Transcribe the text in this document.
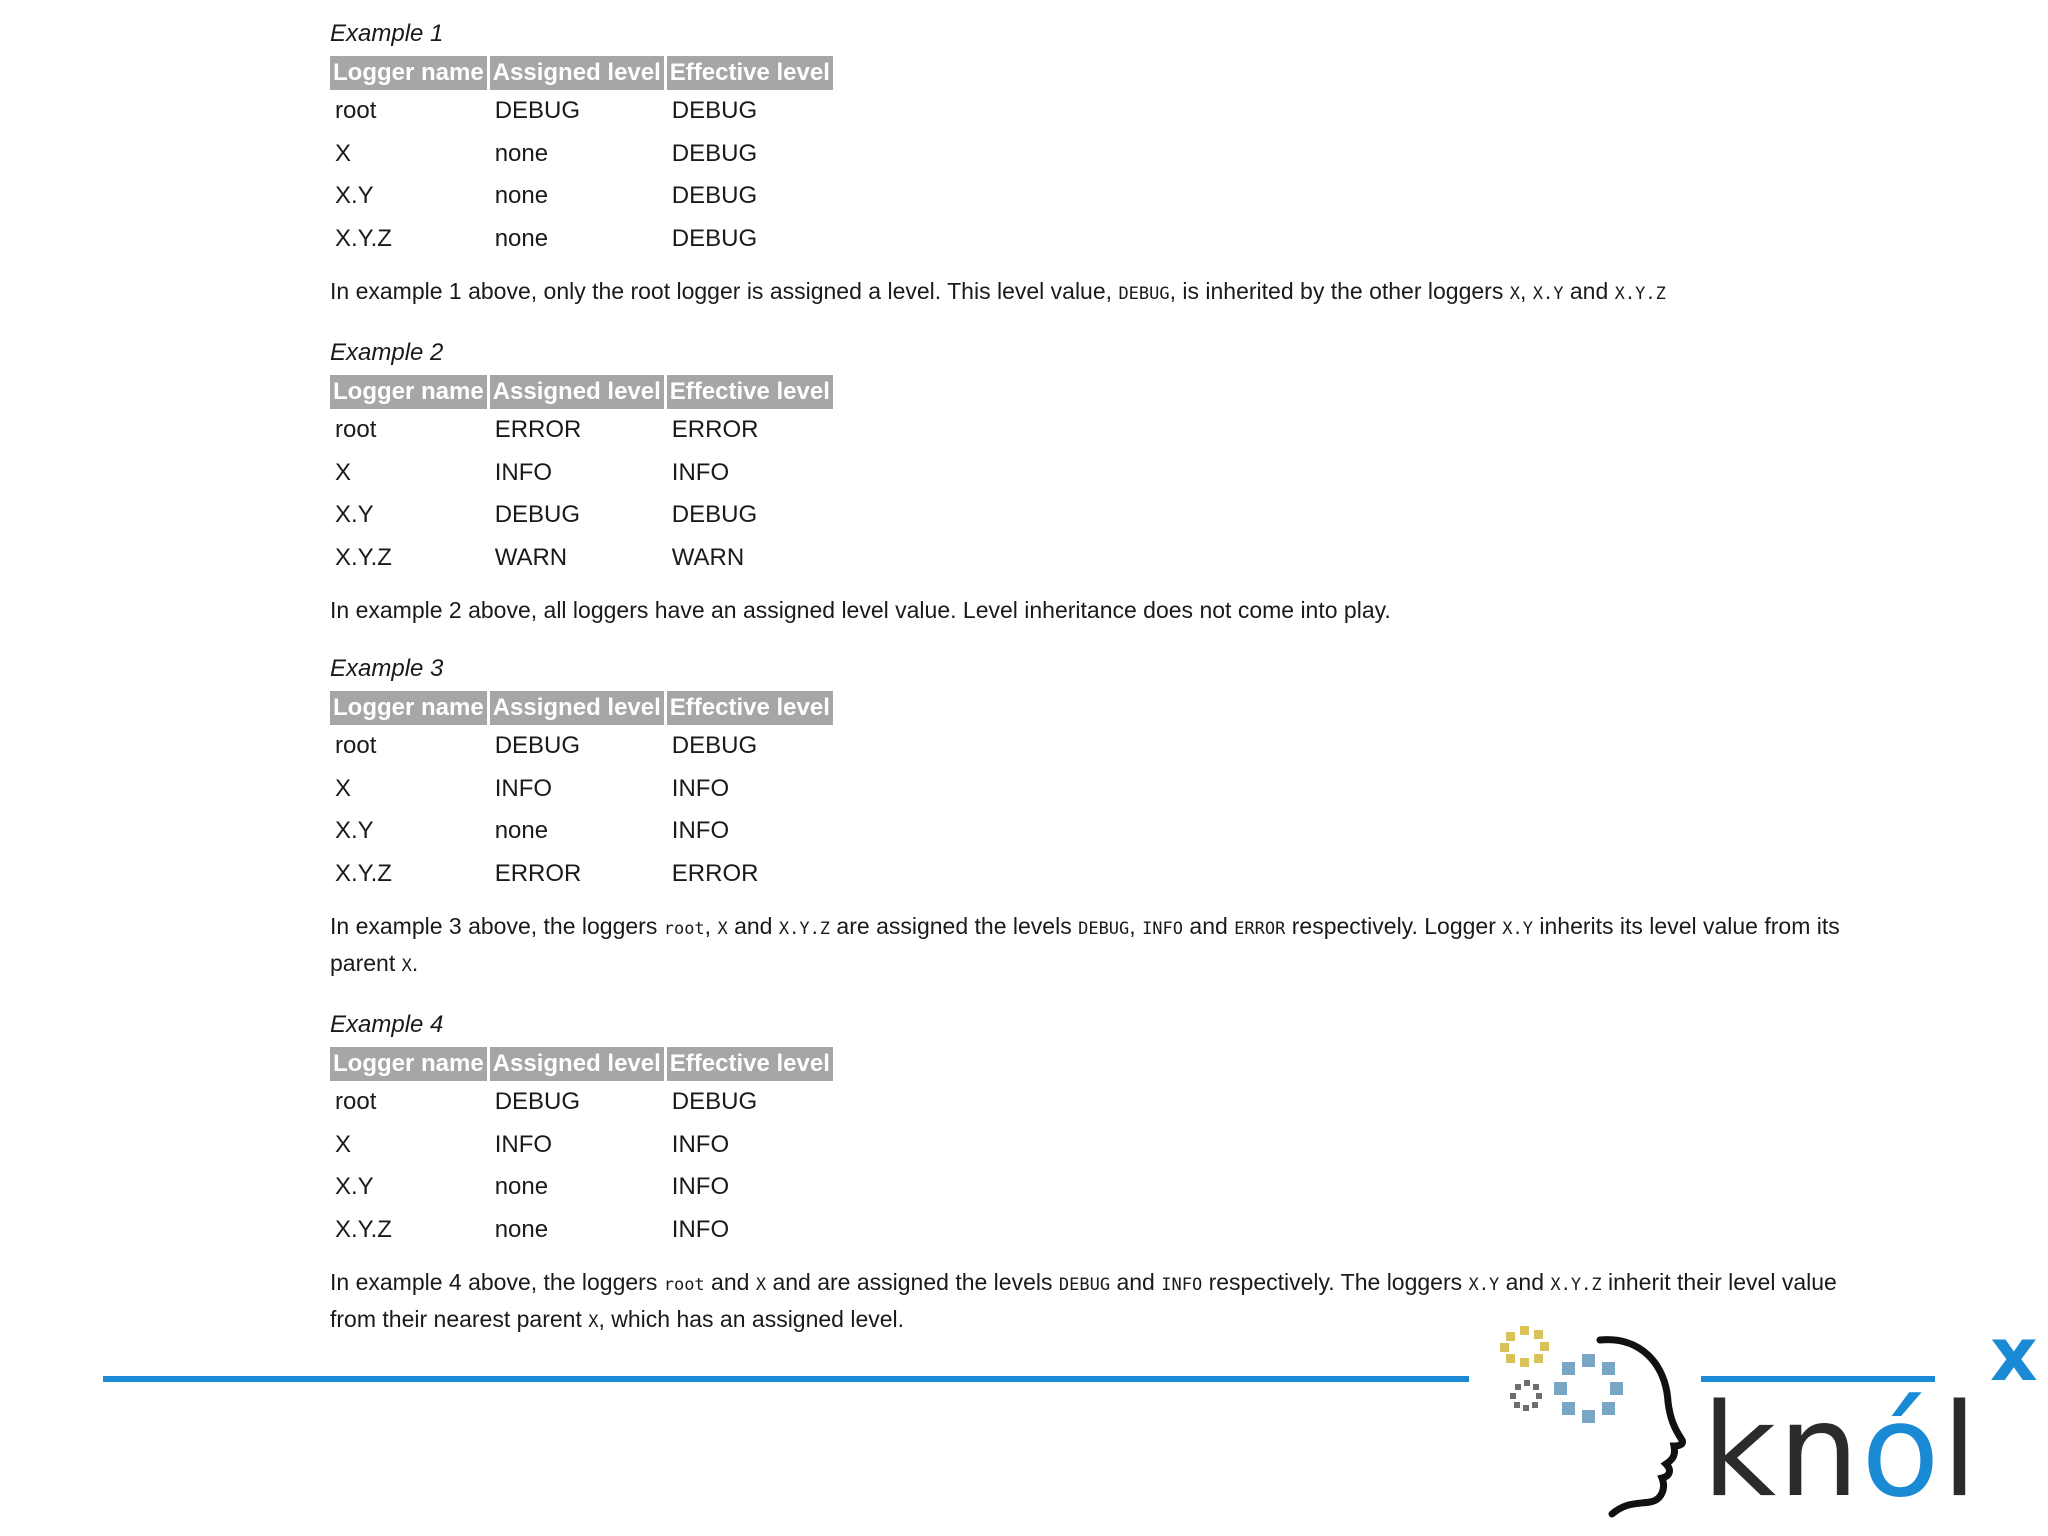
Example 1
Logger name	Assigned level	Effective level
root	DEBUG	DEBUG
X	none	DEBUG
X.Y	none	DEBUG
X.Y.Z	none	DEBUG

In example 1 above, only the root logger is assigned a level. This level value, DEBUG, is inherited by the other loggers X, X.Y and X.Y.Z

Example 2
Logger name	Assigned level	Effective level
root	ERROR	ERROR
X	INFO	INFO
X.Y	DEBUG	DEBUG
X.Y.Z	WARN	WARN

In example 2 above, all loggers have an assigned level value. Level inheritance does not come into play.

Example 3
Logger name	Assigned level	Effective level
root	DEBUG	DEBUG
X	INFO	INFO
X.Y	none	INFO
X.Y.Z	ERROR	ERROR

In example 3 above, the loggers root, X and X.Y.Z are assigned the levels DEBUG, INFO and ERROR respectively. Logger X.Y inherits its level value from its parent X.

Example 4
Logger name	Assigned level	Effective level
root	DEBUG	DEBUG
X	INFO	INFO
X.Y	none	INFO
X.Y.Z	none	INFO

In example 4 above, the loggers root and X and are assigned the levels DEBUG and INFO respectively. The loggers X.Y and X.Y.Z inherit their level value from their nearest parent X, which has an assigned level.

knól
x
